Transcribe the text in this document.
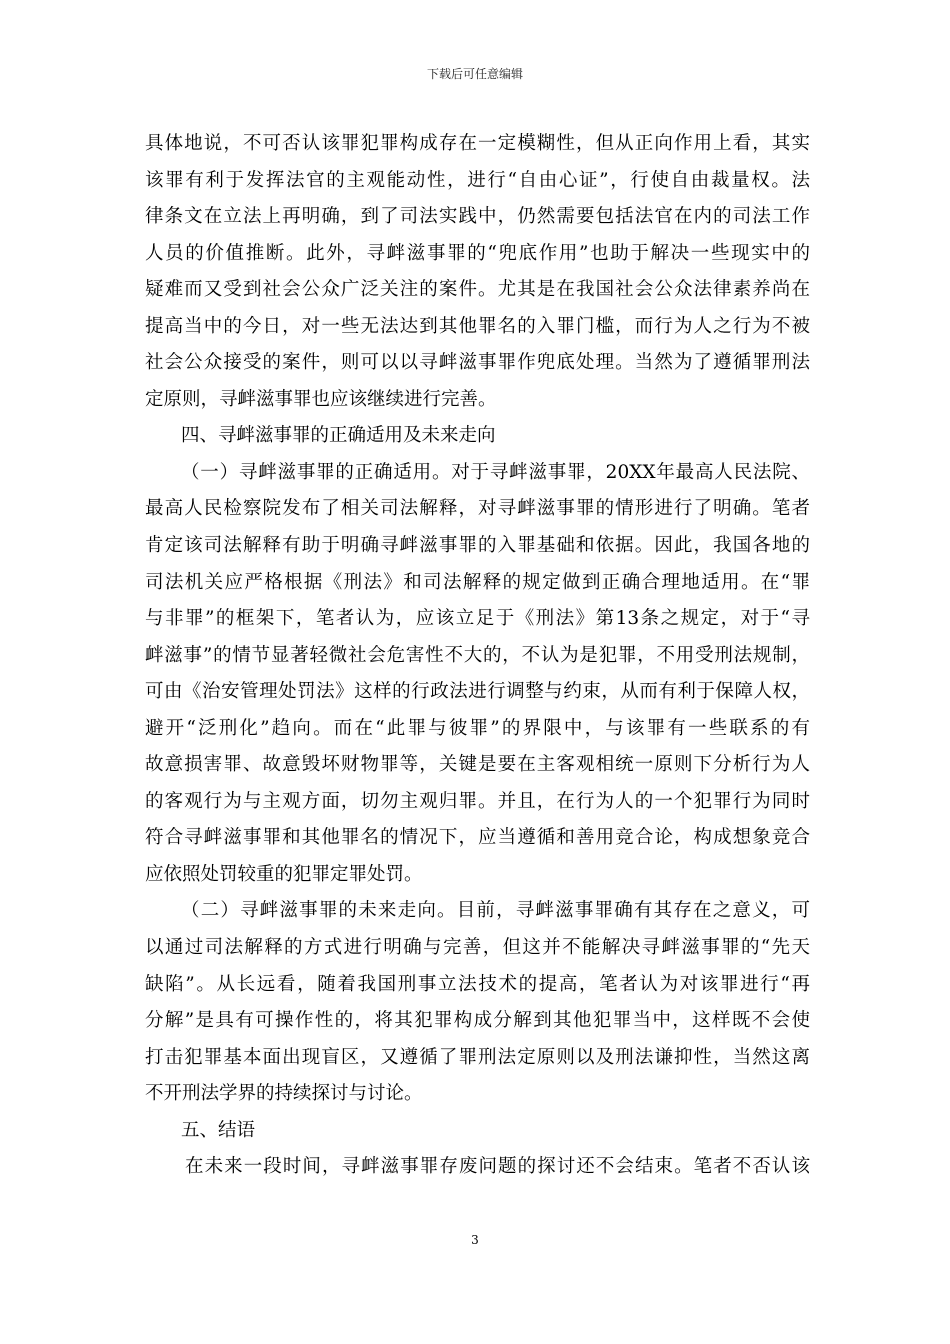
下载后可任意编辑
具体地说，不可否认该罪犯罪构成存在一定模糊性，但从正向作用上看，其实
该罪有利于发挥法官的主观能动性，进行“自由心证”，行使自由裁量权。法
律条文在立法上再明确，到了司法实践中，仍然需要包括法官在内的司法工作
人员的价值推断。此外，寻衅滋事罪的“兜底作用”也助于解决一些现实中的
疑难而又受到社会公众广泛关注的案件。尤其是在我国社会公众法律素养尚在
提高当中的今日，对一些无法达到其他罪名的入罪门槛，而行为人之行为不被
社会公众接受的案件，则可以以寻衅滋事罪作兜底处理。当然为了遵循罪刑法
定原则，寻衅滋事罪也应该继续进行完善。
四、寻衅滋事罪的正确适用及未来走向
（一）寻衅滋事罪的正确适用。对于寻衅滋事罪，20XX年最高人民法院、
最高人民检察院发布了相关司法解释，对寻衅滋事罪的情形进行了明确。笔者
肯定该司法解释有助于明确寻衅滋事罪的入罪基础和依据。因此，我国各地的
司法机关应严格根据《刑法》和司法解释的规定做到正确合理地适用。在“罪
与非罪”的框架下，笔者认为，应该立足于《刑法》第13条之规定，对于“寻
衅滋事”的情节显著轻微社会危害性不大的，不认为是犯罪，不用受刑法规制，
可由《治安管理处罚法》这样的行政法进行调整与约束，从而有利于保障人权，
避开“泛刑化”趋向。而在“此罪与彼罪”的界限中，与该罪有一些联系的有
故意损害罪、故意毁坏财物罪等，关键是要在主客观相统一原则下分析行为人
的客观行为与主观方面，切勿主观归罪。并且，在行为人的一个犯罪行为同时
符合寻衅滋事罪和其他罪名的情况下，应当遵循和善用竞合论，构成想象竞合
应依照处罚较重的犯罪定罪处罚。
（二）寻衅滋事罪的未来走向。目前，寻衅滋事罪确有其存在之意义，可
以通过司法解释的方式进行明确与完善，但这并不能解决寻衅滋事罪的“先天
缺陷”。从长远看，随着我国刑事立法技术的提高，笔者认为对该罪进行“再
分解”是具有可操作性的，将其犯罪构成分解到其他犯罪当中，这样既不会使
打击犯罪基本面出现盲区，又遵循了罪刑法定原则以及刑法谦抑性，当然这离
不开刑法学界的持续探讨与讨论。
五、结语
在未来一段时间，寻衅滋事罪存废问题的探讨还不会结束。笔者不否认该
3
